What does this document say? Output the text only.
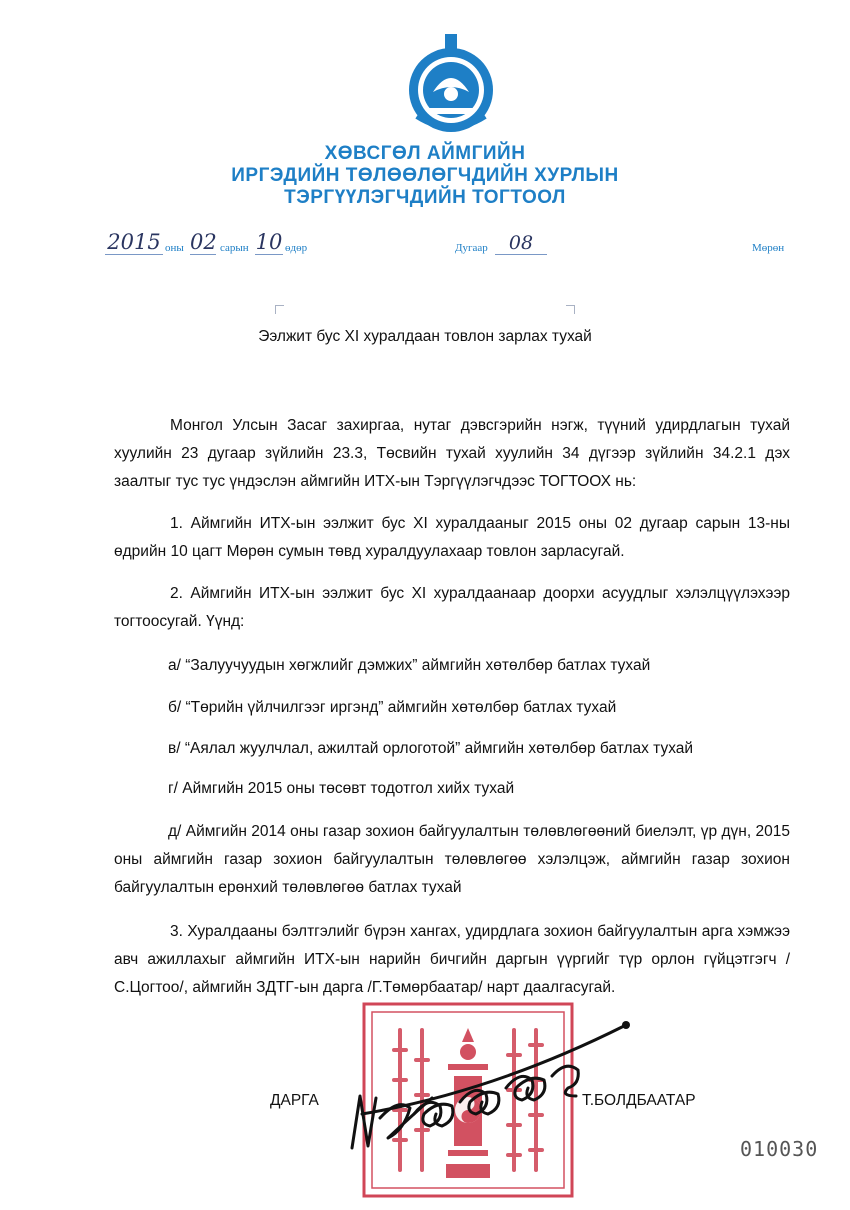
ХӨВСГӨЛ АЙМГИЙН
ИРГЭДИЙН ТӨЛӨӨЛӨГЧДИЙН ХУРЛЫН
ТЭРГҮҮЛЭГЧДИЙН ТОГТООЛ
2015 оны 02 сарын 10 өдөр	Дугаар	08	Мөрөн
Ээлжит бус XI хуралдаан товлон зарлах тухай
Монгол Улсын Засаг захиргаа, нутаг дэвсгэрийн нэгж, түүний удирдлагын тухай хуулийн 23 дугаар зүйлийн 23.3, Төсвийн тухай хуулийн 34 дүгээр зүйлийн 34.2.1 дэх заалтыг тус тус үндэслэн аймгийн ИТХ-ын Тэргүүлэгчдээс ТОГТООХ нь:
1. Аймгийн ИТХ-ын ээлжит бус XI хуралдааныг 2015 оны 02 дугаар сарын 13-ны өдрийн 10 цагт Мөрөн сумын төвд хуралдуулахаар товлон зарласугай.
2. Аймгийн ИТХ-ын ээлжит бус XI хуралдаанаар доорхи асуудлыг хэлэлцүүлэхээр тогтоосугай. Үүнд:
а/ “Залуучуудын хөгжлийг дэмжих” аймгийн хөтөлбөр батлах тухай
б/ “Төрийн үйлчилгээг иргэнд” аймгийн хөтөлбөр батлах тухай
в/ “Аялал жуулчлал, ажилтай орлоготой” аймгийн хөтөлбөр батлах тухай
г/ Аймгийн 2015 оны төсөвт тодотгол хийх тухай
д/ Аймгийн 2014 оны газар зохион байгуулалтын төлөвлөгөөний биелэлт, үр дүн, 2015 оны аймгийн газар зохион байгуулалтын төлөвлөгөө хэлэлцэж, аймгийн газар зохион байгуулалтын ерөнхий төлөвлөгөө батлах тухай
3. Хуралдааны бэлтгэлийг бүрэн хангах, удирдлага зохион байгуулалтын арга хэмжээ авч ажиллахыг аймгийн ИТХ-ын нарийн бичгийн даргын үүргийг түр орлон гүйцэтгэгч /С.Цогтоо/, аймгийн ЗДТГ-ын дарга /Г.Төмөрбаатар/ нарт даалгасугай.
ДАРГА	Т.БОЛДБААТАР
010030
